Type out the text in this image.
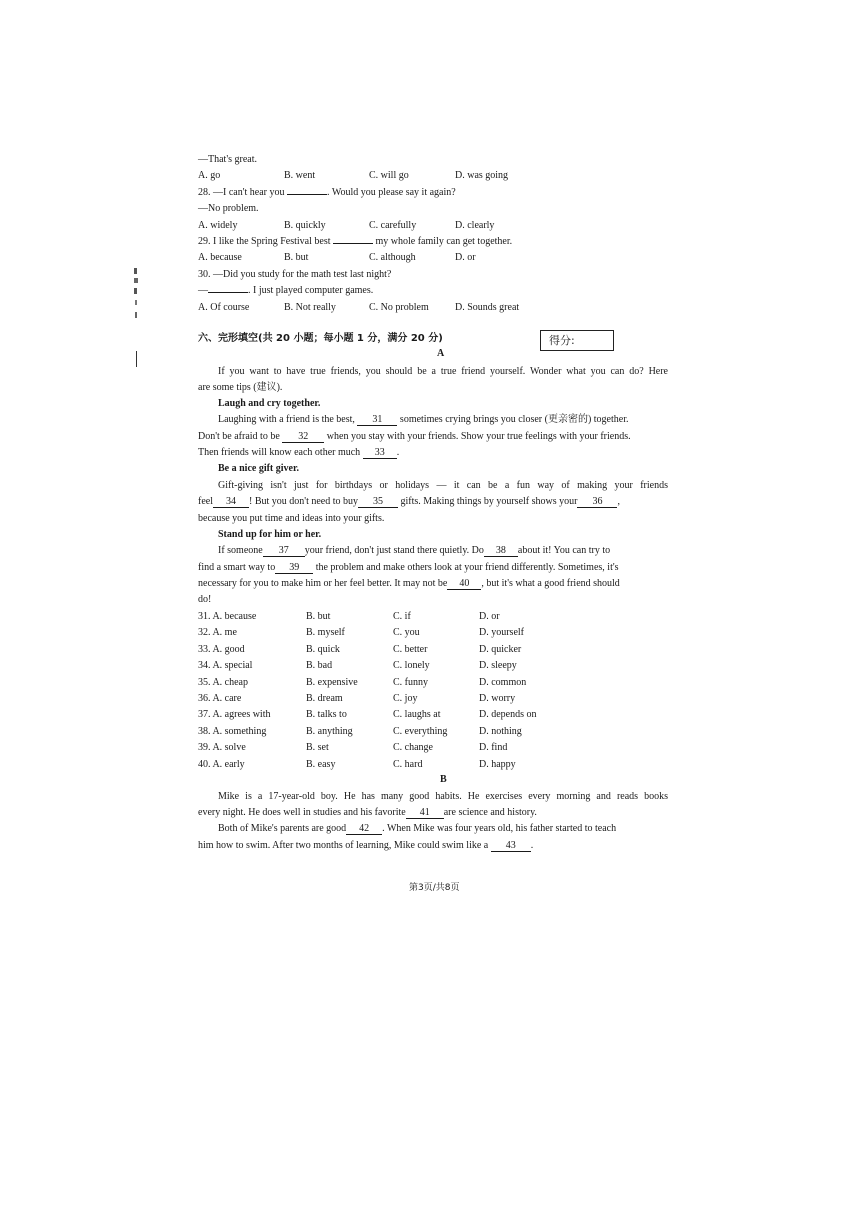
—That's great.
A. go	B. went	C. will go	D. was going
28. —I can't hear you	. Would you please say it again?
—No problem.
A. widely	B. quickly	C. carefully	D. clearly
29. I like the Spring Festival best	my whole family can get together.
A. because	B. but	C. although	D. or
30. —Did you study for the math test last night?
—	. I just played computer games.
A. Of course	B. Not really	C. No problem	D. Sounds great
六、完形填空(共 20 小题；每小题 1 分，满分 20 分)	得分:
A
If you want to have true friends, you should be a true friend yourself. Wonder what you can do? Here
are some tips (建议).
Laugh and cry together.
Laughing with a friend is the best, 31 sometimes crying brings you closer (更亲密的) together.
Don't be afraid to be 32 when you stay with your friends. Show your true feelings with your friends.
Then friends will know each other much 33 .
Be a nice gift giver.
Gift-giving isn't just for birthdays or holidays — it can be a fun way of making your friends
feel 34 ! But you don't need to buy 35 gifts. Making things by yourself shows your 36 ,
because you put time and ideas into your gifts.
Stand up for him or her.
If someone 37 your friend, don't just stand there quietly. Do 38 about it! You can try to
find a smart way to 39 the problem and make others look at your friend differently. Sometimes, it's
necessary for you to make him or her feel better. It may not be 40 , but it's what a good friend should
do!
31. A. because	B. but	C. if	D. or
32. A. me	B. myself	C. you	D. yourself
33. A. good	B. quick	C. better	D. quicker
34. A. special	B. bad	C. lonely	D. sleepy
35. A. cheap	B. expensive	C. funny	D. common
36. A. care	B. dream	C. joy	D. worry
37. A. agrees with	B. talks to	C. laughs at	D. depends on
38. A. something	B. anything	C. everything	D. nothing
39. A. solve	B. set	C. change	D. find
40. A. early	B. easy	C. hard	D. happy
B
Mike is a 17-year-old boy. He has many good habits. He exercises every morning and reads books
every night. He does well in studies and his favorite 41 are science and history.
Both of Mike's parents are good 42 . When Mike was four years old, his father started to teach
him how to swim. After two months of learning, Mike could swim like a 43 .
第3页/共8页
